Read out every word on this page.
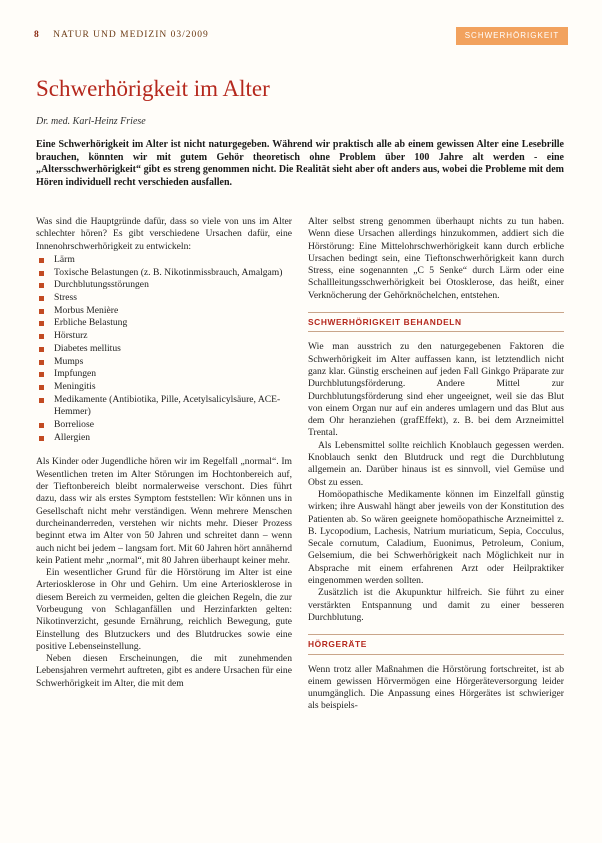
8 NATUR UND MEDIZIN 03/2009	SCHWERHÖRIGKEIT
Schwerhörigkeit im Alter
Dr. med. Karl-Heinz Friese
Eine Schwerhörigkeit im Alter ist nicht naturgegeben. Während wir praktisch alle ab einem gewissen Alter eine Lesebrille brauchen, könnten wir mit gutem Gehör theoretisch ohne Problem über 100 Jahre alt werden - eine „Altersschwerhörigkeit“ gibt es streng genommen nicht. Die Realität sieht aber oft anders aus, wobei die Probleme mit dem Hören individuell recht verschieden ausfallen.

Was sind die Hauptgründe dafür, dass so viele von uns im Alter schlechter hören? Es gibt verschiedene Ursachen dafür, eine Innenohrschwerhörigkeit zu entwickeln:

Lärm
Toxische Belastungen (z. B. Nikotinmissbrauch, Amalgam)
Durchblutungsstörungen
Stress
Morbus Menière
Erbliche Belastung
Hörsturz
Diabetes mellitus
Mumps
Impfungen
Meningitis
Medikamente (Antibiotika, Pille, Acetylsalicylsäure, ACE-Hemmer)
Borreliose
Allergien

Als Kinder oder Jugendliche hören wir im Regelfall „normal“. Im Wesentlichen treten im Alter Störungen im Hochtonbereich auf, der Tieftonbereich bleibt normalerweise verschont. Dies führt dazu, dass wir als erstes Symptom feststellen: Wir können uns in Gesellschaft nicht mehr verständigen. Wenn mehrere Menschen durcheinanderreden, verstehen wir nichts mehr. Dieser Prozess beginnt etwa im Alter von 50 Jahren und schreitet dann – wenn auch nicht bei jedem – langsam fort. Mit 60 Jahren hört annähernd kein Patient mehr „normal“, mit 80 Jahren überhaupt keiner mehr.

Ein wesentlicher Grund für die Hörstörung im Alter ist eine Arteriosklerose in Ohr und Gehirn. Um eine Arteriosklerose in diesem Bereich zu vermeiden, gelten die gleichen Regeln, die zur Vorbeugung von Schlaganfällen und Herzinfarkten gelten: Nikotinverzicht, gesunde Ernährung, reichlich Bewegung, gute Einstellung des Blutzuckers und des Blutdruckes sowie eine positive Lebenseinstellung.

Neben diesen Erscheinungen, die mit zunehmenden Lebensjahren vermehrt auftreten, gibt es andere Ursachen für eine Schwerhörigkeit im Alter, die mit dem

Alter selbst streng genommen überhaupt nichts zu tun haben. Wenn diese Ursachen allerdings hinzukommen, addiert sich die Hörstörung: Eine Mittelohrschwerhörigkeit kann durch erbliche Ursachen bedingt sein, eine Tieftonschwerhörigkeit kann durch Stress, eine sogenannten „C 5 Senke“ durch Lärm oder eine Schallleitungsschwerhörigkeit bei Otosklerose, das heißt, einer Verknöcherung der Gehörknöchelchen, entstehen.

SCHWERHÖRIGKEIT BEHANDELN

Wie man ausstrich zu den naturgegebenen Faktoren die Schwerhörigkeit im Alter auffassen kann, ist letztendlich nicht ganz klar. Günstig erscheinen auf jeden Fall Ginkgo Präparate zur Durchblutungsförderung. Andere Mittel zur Durchblutungsförderung sind eher ungeeignet, weil sie das Blut von einem Organ nur auf ein anderes umlagern und das Blut aus dem Ohr heranziehen (grafEffekt), z. B. bei dem Arzneimittel Trental.

Als Lebensmittel sollte reichlich Knoblauch gegessen werden. Knoblauch senkt den Blutdruck und regt die Durchblutung allgemein an. Darüber hinaus ist es sinnvoll, viel Gemüse und Obst zu essen.

Homöopathische Medikamente können im Einzelfall günstig wirken; ihre Auswahl hängt aber jeweils von der Konstitution des Patienten ab. So wären geeignete homöopathische Arzneimittel z. B. Lycopodium, Lachesis, Natrium muriaticum, Sepia, Cocculus, Secale cornutum, Caladium, Euonimus, Petroleum, Conium, Gelsemium, die bei Schwerhörigkeit nach Möglichkeit nur in Absprache mit einem erfahrenen Arzt oder Heilpraktiker eingenommen werden sollten.

Zusätzlich ist die Akupunktur hilfreich. Sie führt zu einer verstärkten Entspannung und damit zu einer besseren Durchblutung.

HÖRGERÄTE

Wenn trotz aller Maßnahmen die Hörstörung fortschreitet, ist ab einem gewissen Hörvermögen eine Hörgeräteversorgung leider unumgänglich. Die Anpassung eines Hörgerätes ist schwieriger als beispiels-
